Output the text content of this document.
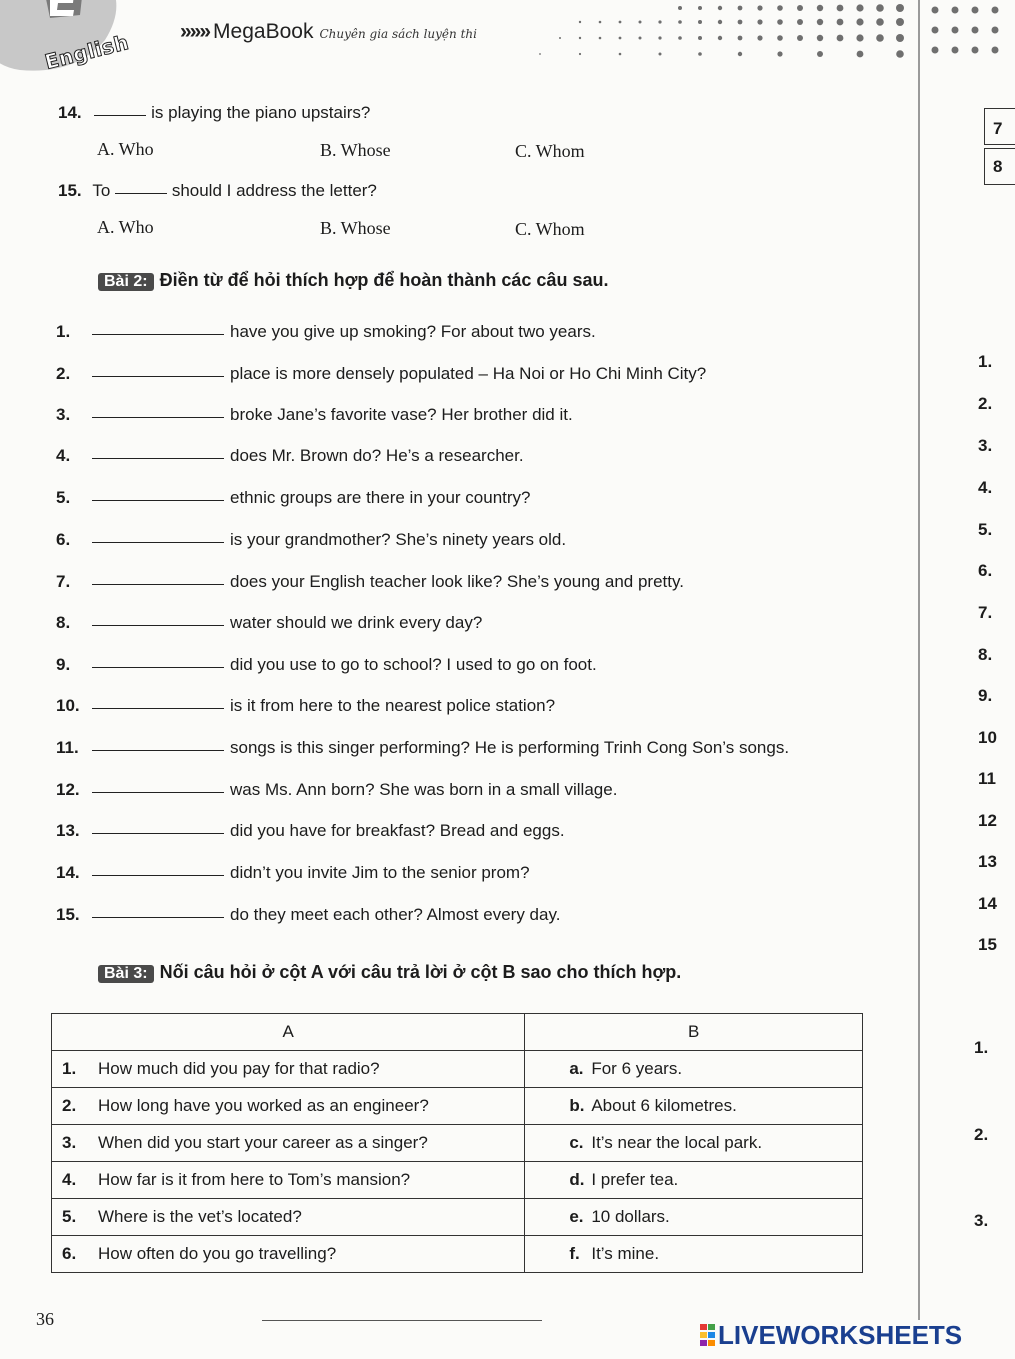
English »»» MegaBook Chuyên gia sách luyện thi
14.	is playing the piano upstairs?
A. Who	B. Whose	C. Whom
15. To	should I address the letter?
A. Who	B. Whose	C. Whom
Bài 2: Điền từ để hỏi thích hợp để hoàn thành các câu sau.
1.	have you give up smoking? For about two years.
2.	place is more densely populated – Ha Noi or Ho Chi Minh City?
3.	broke Jane’s favorite vase? Her brother did it.
4.	does Mr. Brown do? He’s a researcher.
5.	ethnic groups are there in your country?
6.	is your grandmother? She’s ninety years old.
7.	does your English teacher look like? She’s young and pretty.
8.	water should we drink every day?
9.	did you use to go to school? I used to go on foot.
10.	is it from here to the nearest police station?
11.	songs is this singer performing? He is performing Trinh Cong Son’s songs.
12.	was Ms. Ann born? She was born in a small village.
13.	did you have for breakfast? Bread and eggs.
14.	didn’t you invite Jim to the senior prom?
15.	do they meet each other? Almost every day.
Bài 3: Nối câu hỏi ở cột A với câu trả lời ở cột B sao cho thích hợp.
A	B
1. How much did you pay for that radio?	a. For 6 years.
2. How long have you worked as an engineer?	b. About 6 kilometres.
3. When did you start your career as a singer?	c. It’s near the local park.
4. How far is it from here to Tom’s mansion?	d. I prefer tea.
5. Where is the vet’s located?	e. 10 dollars.
6. How often do you go travelling?	f. It’s mine.
7
8
1.
2.
3.
4.
5.
6.
7.
8.
9.
10
11
12
13
14
15
1.
2.
3.
36
LIVEWORKSHEETS
